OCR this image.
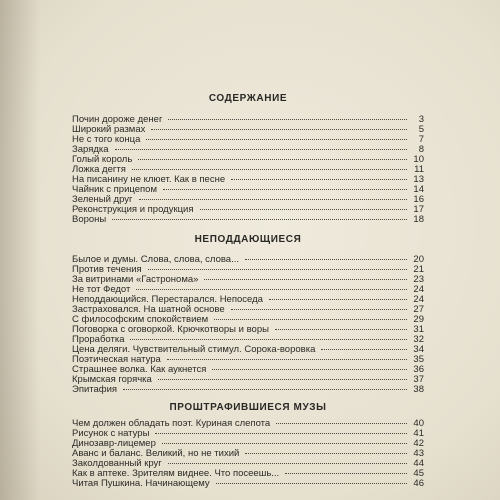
СОДЕРЖАНИЕ
Почин дороже денег	3
Широкий размах	5
Не с того конца	7
Зарядка	8
Голый король	10
Ложка дегтя	11
На писанину не клюет. Как в песне	13
Чайник с прицепом	14
Зеленый друг	16
Реконструкция и продукция	17
Вороны	18
НЕПОДДАЮЩИЕСЯ
Былое и думы. Слова, слова, слова...	20
Против течения	21
За витринами «Гастронома»	23
Не тот Федот	24
Неподдающийся. Перестарался. Непоседа	24
Застраховался. На шатной основе	27
С философским спокойствием	29
Поговорка с оговоркой. Крючкотворы и воры	31
Проработка	32
Цена деляги. Чувствительный стимул. Сорока-воровка	34
Поэтическая натура	35
Страшнее волка. Как аукнется	36
Крымская горячка	37
Эпитафия	38
ПРОШТРАФИВШИЕСЯ МУЗЫ
Чем должен обладать поэт. Куриная слепота	40
Рисунок с натуры	41
Динозавр-лицемер	42
Аванс и баланс. Великий, но не тихий	43
Заколдованный круг	44
Как в аптеке. Зрителям виднее. Что посеешь...	45
Читая Пушкина. Начинающему	46
